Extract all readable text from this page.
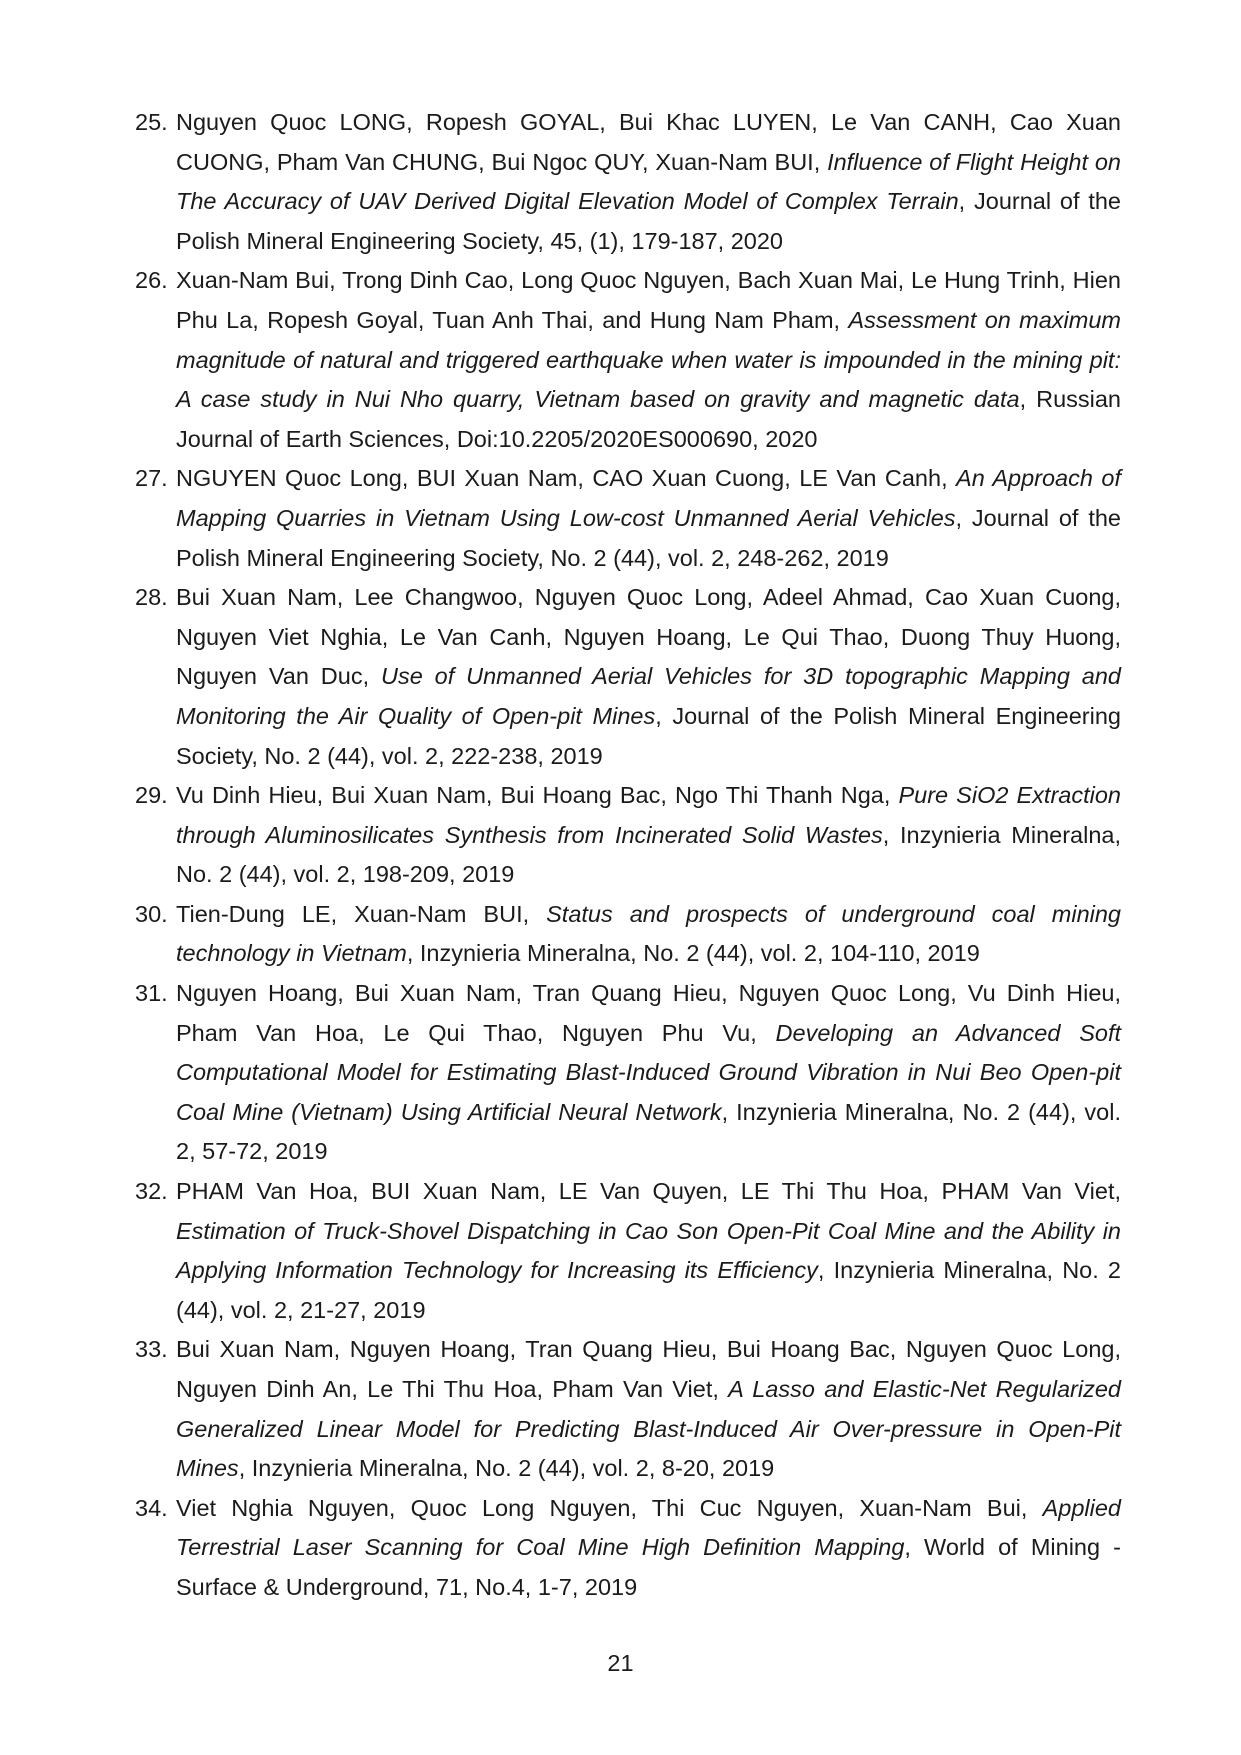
25. Nguyen Quoc LONG, Ropesh GOYAL, Bui Khac LUYEN, Le Van CANH, Cao Xuan CUONG, Pham Van CHUNG, Bui Ngoc QUY, Xuan-Nam BUI, Influence of Flight Height on The Accuracy of UAV Derived Digital Elevation Model of Complex Terrain, Journal of the Polish Mineral Engineering Society, 45, (1), 179-187, 2020

26. Xuan-Nam Bui, Trong Dinh Cao, Long Quoc Nguyen, Bach Xuan Mai, Le Hung Trinh, Hien Phu La, Ropesh Goyal, Tuan Anh Thai, and Hung Nam Pham, Assessment on maximum magnitude of natural and triggered earthquake when water is impounded in the mining pit: A case study in Nui Nho quarry, Vietnam based on gravity and magnetic data, Russian Journal of Earth Sciences, Doi:10.2205/2020ES000690, 2020

27. NGUYEN Quoc Long, BUI Xuan Nam, CAO Xuan Cuong, LE Van Canh, An Approach of Mapping Quarries in Vietnam Using Low-cost Unmanned Aerial Vehicles, Journal of the Polish Mineral Engineering Society, No. 2 (44), vol. 2, 248-262, 2019

28. Bui Xuan Nam, Lee Changwoo, Nguyen Quoc Long, Adeel Ahmad, Cao Xuan Cuong, Nguyen Viet Nghia, Le Van Canh, Nguyen Hoang, Le Qui Thao, Duong Thuy Huong, Nguyen Van Duc, Use of Unmanned Aerial Vehicles for 3D topographic Mapping and Monitoring the Air Quality of Open-pit Mines, Journal of the Polish Mineral Engineering Society, No. 2 (44), vol. 2, 222-238, 2019

29. Vu Dinh Hieu, Bui Xuan Nam, Bui Hoang Bac, Ngo Thi Thanh Nga, Pure SiO2 Extraction through Aluminosilicates Synthesis from Incinerated Solid Wastes, Inzynieria Mineralna, No. 2 (44), vol. 2, 198-209, 2019

30. Tien-Dung LE, Xuan-Nam BUI, Status and prospects of underground coal mining technology in Vietnam, Inzynieria Mineralna, No. 2 (44), vol. 2, 104-110, 2019

31. Nguyen Hoang, Bui Xuan Nam, Tran Quang Hieu, Nguyen Quoc Long, Vu Dinh Hieu, Pham Van Hoa, Le Qui Thao, Nguyen Phu Vu, Developing an Advanced Soft Computational Model for Estimating Blast-Induced Ground Vibration in Nui Beo Open-pit Coal Mine (Vietnam) Using Artificial Neural Network, Inzynieria Mineralna, No. 2 (44), vol. 2, 57-72, 2019

32. PHAM Van Hoa, BUI Xuan Nam, LE Van Quyen, LE Thi Thu Hoa, PHAM Van Viet, Estimation of Truck-Shovel Dispatching in Cao Son Open-Pit Coal Mine and the Ability in Applying Information Technology for Increasing its Efficiency, Inzynieria Mineralna, No. 2 (44), vol. 2, 21-27, 2019

33. Bui Xuan Nam, Nguyen Hoang, Tran Quang Hieu, Bui Hoang Bac, Nguyen Quoc Long, Nguyen Dinh An, Le Thi Thu Hoa, Pham Van Viet, A Lasso and Elastic-Net Regularized Generalized Linear Model for Predicting Blast-Induced Air Over-pressure in Open-Pit Mines, Inzynieria Mineralna, No. 2 (44), vol. 2, 8-20, 2019

34. Viet Nghia Nguyen, Quoc Long Nguyen, Thi Cuc Nguyen, Xuan-Nam Bui, Applied Terrestrial Laser Scanning for Coal Mine High Definition Mapping, World of Mining - Surface & Underground, 71, No.4, 1-7, 2019

21
